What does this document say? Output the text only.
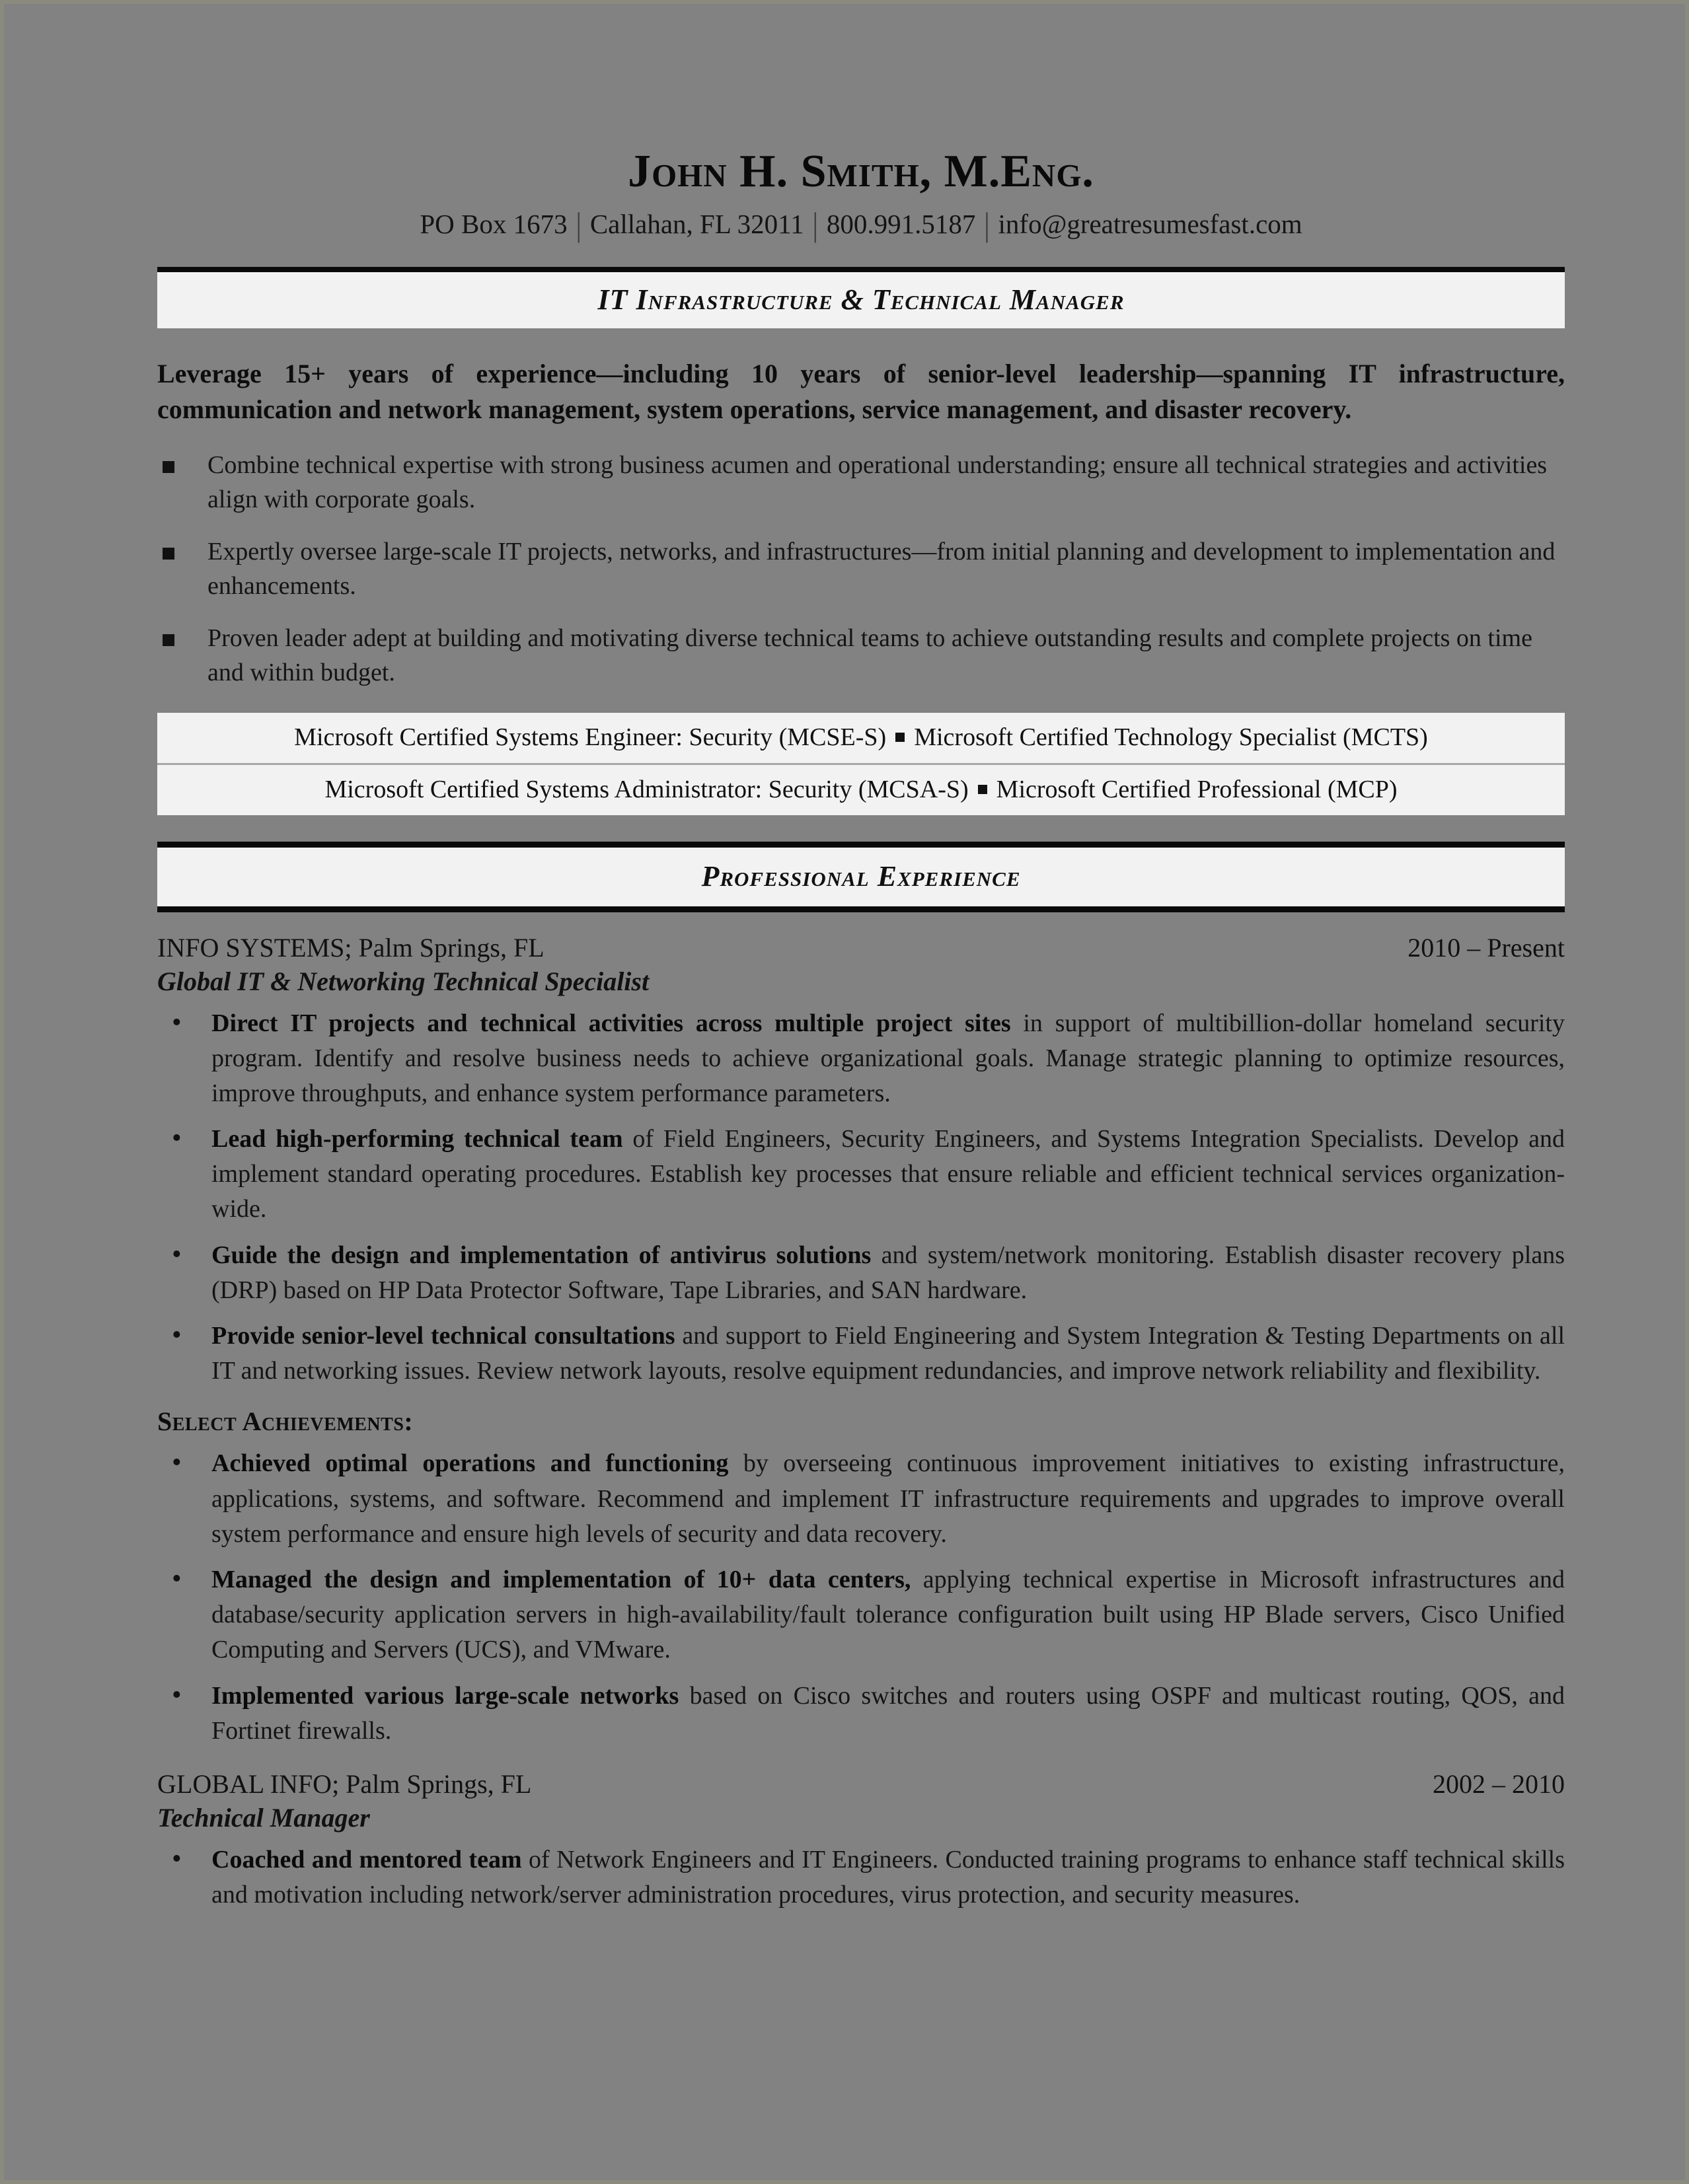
John H. Smith, M.Eng.
PO Box 1673 | Callahan, FL 32011 | 800.991.5187 | info@greatresumesfast.com
IT Infrastructure & Technical Manager
Leverage 15+ years of experience—including 10 years of senior-level leadership—spanning IT infrastructure, communication and network management, system operations, service management, and disaster recovery.
Combine technical expertise with strong business acumen and operational understanding; ensure all technical strategies and activities align with corporate goals.
Expertly oversee large-scale IT projects, networks, and infrastructures—from initial planning and development to implementation and enhancements.
Proven leader adept at building and motivating diverse technical teams to achieve outstanding results and complete projects on time and within budget.
Microsoft Certified Systems Engineer: Security (MCSE-S) Microsoft Certified Technology Specialist (MCTS)
Microsoft Certified Systems Administrator: Security (MCSA-S) Microsoft Certified Professional (MCP)
Professional Experience
INFO SYSTEMS; Palm Springs, FL	2010 – Present
Global IT & Networking Technical Specialist
• Direct IT projects and technical activities across multiple project sites in support of multibillion-dollar homeland security program. Identify and resolve business needs to achieve organizational goals. Manage strategic planning to optimize resources, improve throughputs, and enhance system performance parameters.
• Lead high-performing technical team of Field Engineers, Security Engineers, and Systems Integration Specialists. Develop and implement standard operating procedures. Establish key processes that ensure reliable and efficient technical services organization-wide.
• Guide the design and implementation of antivirus solutions and system/network monitoring. Establish disaster recovery plans (DRP) based on HP Data Protector Software, Tape Libraries, and SAN hardware.
• Provide senior-level technical consultations and support to Field Engineering and System Integration & Testing Departments on all IT and networking issues. Review network layouts, resolve equipment redundancies, and improve network reliability and flexibility.
Select Achievements:
• Achieved optimal operations and functioning by overseeing continuous improvement initiatives to existing infrastructure, applications, systems, and software. Recommend and implement IT infrastructure requirements and upgrades to improve overall system performance and ensure high levels of security and data recovery.
• Managed the design and implementation of 10+ data centers, applying technical expertise in Microsoft infrastructures and database/security application servers in high-availability/fault tolerance configuration built using HP Blade servers, Cisco Unified Computing and Servers (UCS), and VMware.
• Implemented various large-scale networks based on Cisco switches and routers using OSPF and multicast routing, QOS, and Fortinet firewalls.
GLOBAL INFO; Palm Springs, FL	2002 – 2010
Technical Manager
• Coached and mentored team of Network Engineers and IT Engineers. Conducted training programs to enhance staff technical skills and motivation including network/server administration procedures, virus protection, and security measures.
